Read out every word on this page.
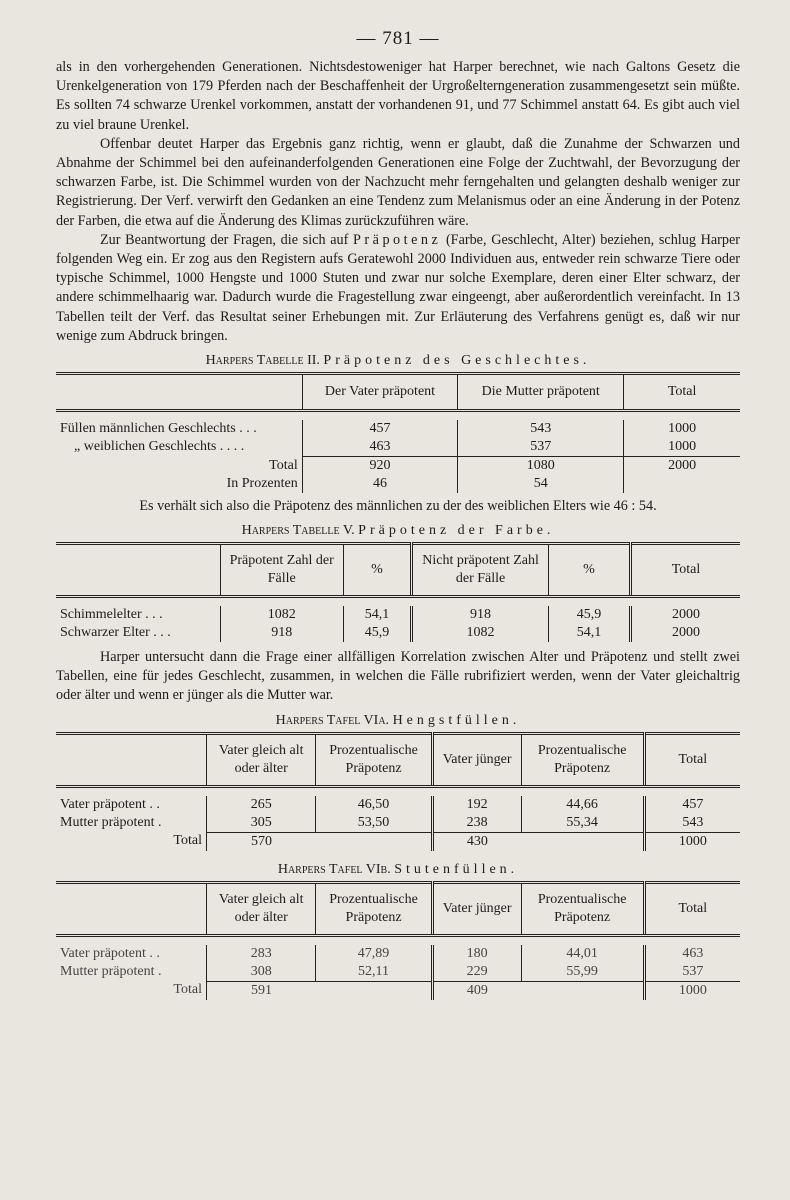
— 781 —

als in den vorhergehenden Generationen. Nichtsdestoweniger hat Harper berechnet, wie nach Galtons Gesetz die Urenkelgeneration von 179 Pferden nach der Beschaffenheit der Urgroßelterngeneration zusammengesetzt sein müßte. Es sollten 74 schwarze Urenkel vorkommen, anstatt der vorhandenen 91, und 77 Schimmel anstatt 64. Es gibt auch viel zu viel braune Urenkel.

Offenbar deutet Harper das Ergebnis ganz richtig, wenn er glaubt, daß die Zunahme der Schwarzen und Abnahme der Schimmel bei den aufeinanderfolgenden Generationen eine Folge der Zuchtwahl, der Bevorzugung der schwarzen Farbe, ist. Die Schimmel wurden von der Nachzucht mehr ferngehalten und gelangten deshalb weniger zur Registrierung. Der Verf. verwirft den Gedanken an eine Tendenz zum Melanismus oder an eine Änderung in der Potenz der Farben, die etwa auf die Änderung des Klimas zurückzuführen wäre.

Zur Beantwortung der Fragen, die sich auf Präpotenz (Farbe, Geschlecht, Alter) beziehen, schlug Harper folgenden Weg ein. Er zog aus den Registern aufs Geratewohl 2000 Individuen aus, entweder rein schwarze Tiere oder typische Schimmel, 1000 Hengste und 1000 Stuten und zwar nur solche Exemplare, deren einer Elter schwarz, der andere schimmelhaarig war. Dadurch wurde die Fragestellung zwar eingeengt, aber außerordentlich vereinfacht. In 13 Tabellen teilt der Verf. das Resultat seiner Erhebungen mit. Zur Erläuterung des Verfahrens genügt es, daß wir nur wenige zum Abdruck bringen.

Harpers Tabelle II. Präpotenz des Geschlechtes.
	Der Vater präpotent	Die Mutter präpotent	Total

Füllen männlichen Geschlechts . . .	457	543	1000
„ weiblichen Geschlechts . . . .	463	537	1000
Total	920	1080	2000
In Prozenten	46	54	
Es verhält sich also die Präpotenz des männlichen zu der des weiblichen Elters wie 46 : 54.
Harpers Tabelle V. Präpotenz der Farbe.
	Präpotent Zahl der Fälle	%	Nicht präpotent Zahl der Fälle	%	Total

Schimmelelter . . .	1082	54,1	918	45,9	2000
Schwarzer Elter . . .	918	45,9	1082	54,1	2000

Harper untersucht dann die Frage einer allfälligen Korrelation zwischen Alter und Präpotenz und stellt zwei Tabellen, eine für jedes Geschlecht, zusammen, in welchen die Fälle rubrifiziert werden, wenn der Vater gleichaltrig oder älter und wenn er jünger als die Mutter war.

Harpers Tafel VIa. Hengstfüllen.
	Vater gleich alt oder älter	Prozentualische Präpotenz	Vater jünger	Prozentualische Präpotenz	Total

Vater präpotent . .	265	46,50	192	44,66	457
Mutter präpotent .	305	53,50	238	55,34	543
Total	570		430		1000
Harpers Tafel VIb. Stutenfüllen.
	Vater gleich alt oder älter	Prozentualische Präpotenz	Vater jünger	Prozentualische Präpotenz	Total

Vater präpotent . .	283	47,89	180	44,01	463
Mutter präpotent .	308	52,11	229	55,99	537
Total	591		409		1000
